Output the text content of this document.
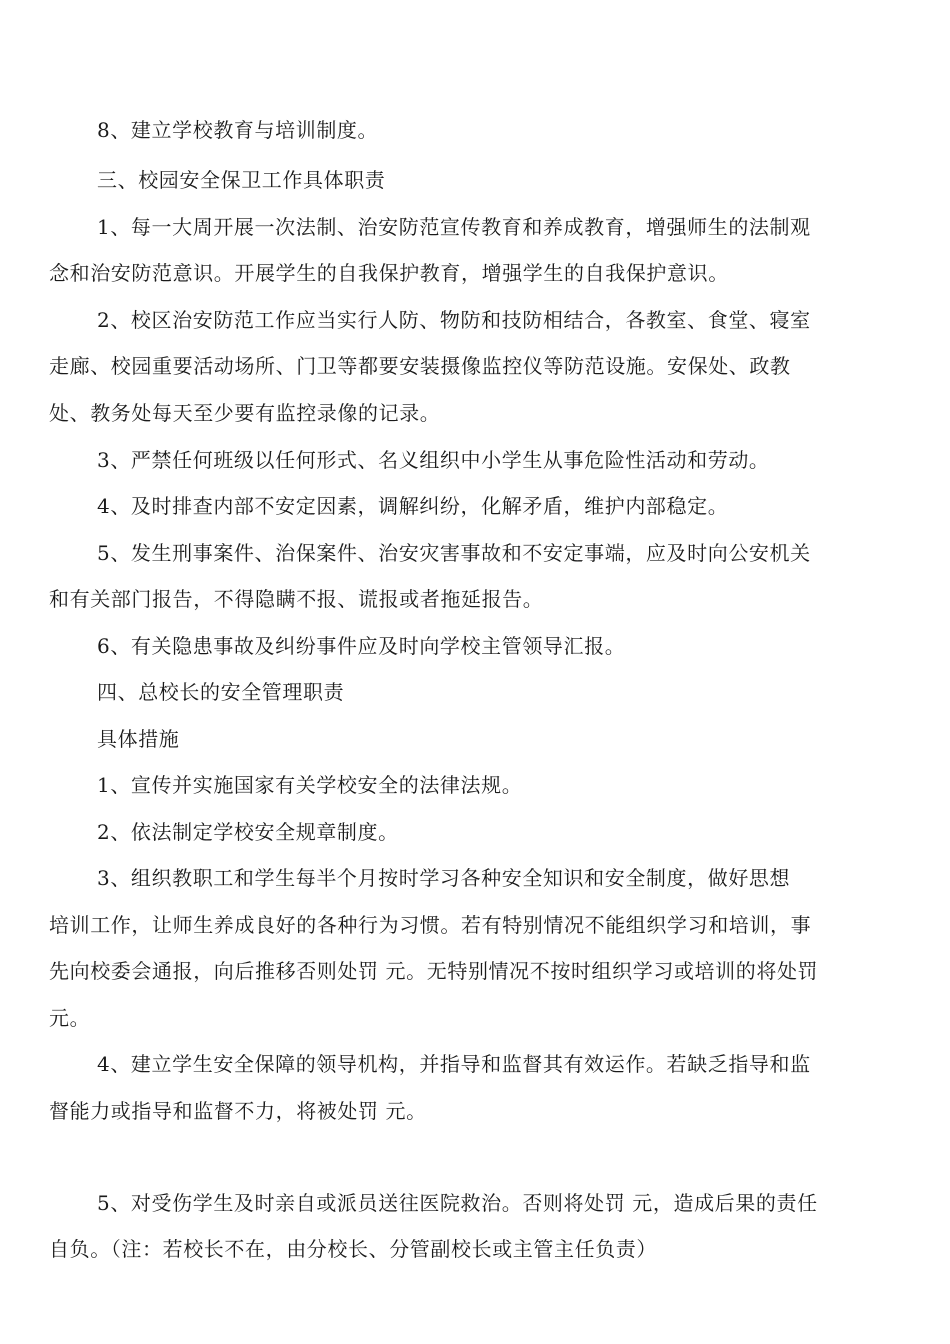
8、建立学校教育与培训制度。
三、校园安全保卫工作具体职责
1、每一大周开展一次法制、治安防范宣传教育和养成教育，增强师生的法制观
念和治安防范意识。开展学生的自我保护教育，增强学生的自我保护意识。
2、校区治安防范工作应当实行人防、物防和技防相结合，各教室、食堂、寝室
走廊、校园重要活动场所、门卫等都要安装摄像监控仪等防范设施。安保处、政教
处、教务处每天至少要有监控录像的记录。
3、严禁任何班级以任何形式、名义组织中小学生从事危险性活动和劳动。
4、及时排查内部不安定因素，调解纠纷，化解矛盾，维护内部稳定。
5、发生刑事案件、治保案件、治安灾害事故和不安定事端，应及时向公安机关
和有关部门报告，不得隐瞒不报、谎报或者拖延报告。
6、有关隐患事故及纠纷事件应及时向学校主管领导汇报。
四、总校长的安全管理职责
具体措施
1、宣传并实施国家有关学校安全的法律法规。
2、依法制定学校安全规章制度。
3、组织教职工和学生每半个月按时学习各种安全知识和安全制度，做好思想
培训工作，让师生养成良好的各种行为习惯。若有特别情况不能组织学习和培训，事
先向校委会通报，向后推移否则处罚 元。无特别情况不按时组织学习或培训的将处罚
元。
4、建立学生安全保障的领导机构，并指导和监督其有效运作。若缺乏指导和监
督能力或指导和监督不力，将被处罚 元。
5、对受伤学生及时亲自或派员送往医院救治。否则将处罚 元，造成后果的责任
自负。（注：若校长不在，由分校长、分管副校长或主管主任负责）
